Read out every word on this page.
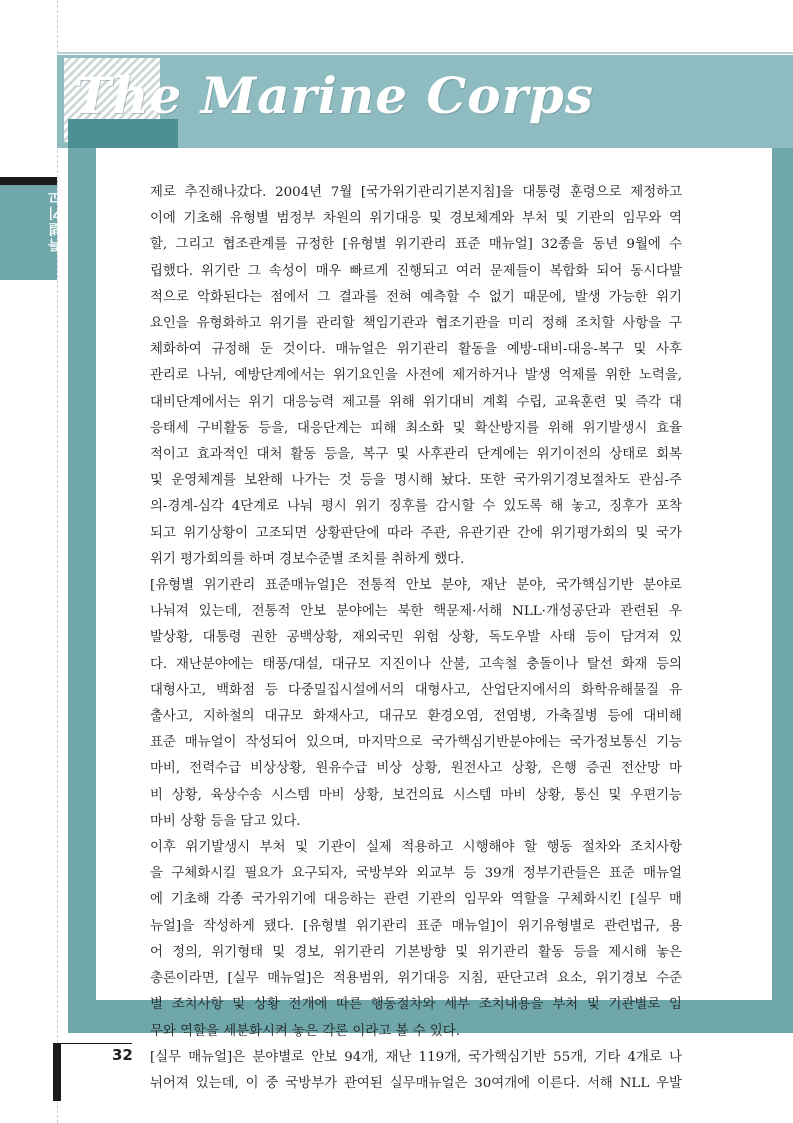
The Marine Corps
특별기고	제로 추진해나갔다. 2004년 7월 [국가위기관리기본지침]을 대통령 훈령으로 제정하고

이에 기초해 유형별 범정부 차원의 위기대응 및 경보체계와 부처 및 기관의 임무와 역

할, 그리고 협조관계를 규정한 [유형별 위기관리 표준 매뉴얼] 32종을 동년 9월에 수

립했다. 위기란 그 속성이 매우 빠르게 진행되고 여러 문제들이 복합화 되어 동시다발

적으로 악화된다는 점에서 그 결과를 전혀 예측할 수 없기 때문에, 발생 가능한 위기

요인을 유형화하고 위기를 관리할 책임기관과 협조기관을 미리 정해 조치할 사항을 구

체화하여 규정해 둔 것이다. 매뉴얼은 위기관리 활동을 예방-대비-대응-복구 및 사후

관리로 나뉘, 예방단계에서는 위기요인을 사전에 제거하거나 발생 억제를 위한 노력을,

대비단계에서는 위기 대응능력 제고를 위해 위기대비 계획 수립, 교육훈련 및 즉각 대

응태세 구비활동 등을, 대응단계는 피해 최소화 및 확산방지를 위해 위기발생시 효율

적이고 효과적인 대처 활동 등을, 복구 및 사후관리 단계에는 위기이전의 상태로 회복

및 운영체계를 보완해 나가는 것 등을 명시해 놨다. 또한 국가위기경보절차도 관심-주

의-경계-심각 4단계로 나눠 평시 위기 징후를 감시할 수 있도록 해 놓고, 징후가 포착

되고 위기상황이 고조되면 상황판단에 따라 주관, 유관기관 간에 위기평가회의 및 국가

위기 평가회의를 하며 경보수준별 조치를 취하게 했다.

[유형별 위기관리 표준매뉴얼]은 전통적 안보 분야, 재난 분야, 국가핵심기반 분야로

나눠져 있는데, 전통적 안보 분야에는 북한 핵문제·서해 NLL·개성공단과 관련된 우

발상황, 대통령 권한 공백상황, 재외국민 위험 상황, 독도우발 사태 등이 담겨져 있

다. 재난분야에는 태풍/대설, 대규모 지진이나 산불, 고속철 충돌이나 탈선 화재 등의

대형사고, 백화점 등 다중밀집시설에서의 대형사고, 산업단지에서의 화학유해물질 유

출사고, 지하철의 대규모 화재사고, 대규모 환경오염, 전염병, 가축질병 등에 대비해

표준 매뉴얼이 작성되어 있으며, 마지막으로 국가핵심기반분야에는 국가정보통신 기능

마비, 전력수급 비상상황, 원유수급 비상 상황, 원전사고 상황, 은행 증권 전산망 마

비 상황, 육상수송 시스템 마비 상황, 보건의료 시스템 마비 상황, 통신 및 우편기능

마비 상황 등을 담고 있다.

이후 위기발생시 부처 및 기관이 실제 적용하고 시행해야 할 행동 절차와 조치사항

을 구체화시킬 필요가 요구되자, 국방부와 외교부 등 39개 정부기관들은 표준 매뉴얼

에 기초해 각종 국가위기에 대응하는 관련 기관의 임무와 역할을 구체화시킨 [실무 매

뉴얼]을 작성하게 됐다. [유형별 위기관리 표준 매뉴얼]이 위기유형별로 관련법규, 용

어 정의, 위기형태 및 경보, 위기관리 기본방향 및 위기관리 활동 등을 제시해 놓은

총론이라면, [실무 매뉴얼]은 적용범위, 위기대응 지침, 판단고려 요소, 위기경보 수준

별 조치사항 및 상황 전개에 따른 행동절차와 세부 조치내용을 부처 및 기관별로 임

무와 역할을 세분화시켜 놓은 각론 이라고 볼 수 있다.

[실무 매뉴얼]은 분야별로 안보 94개, 재난 119개, 국가핵심기반 55개, 기타 4개로 나

뉘어져 있는데, 이 중 국방부가 관여된 실무매뉴얼은 30여개에 이른다. 서해 NLL 우발

32
